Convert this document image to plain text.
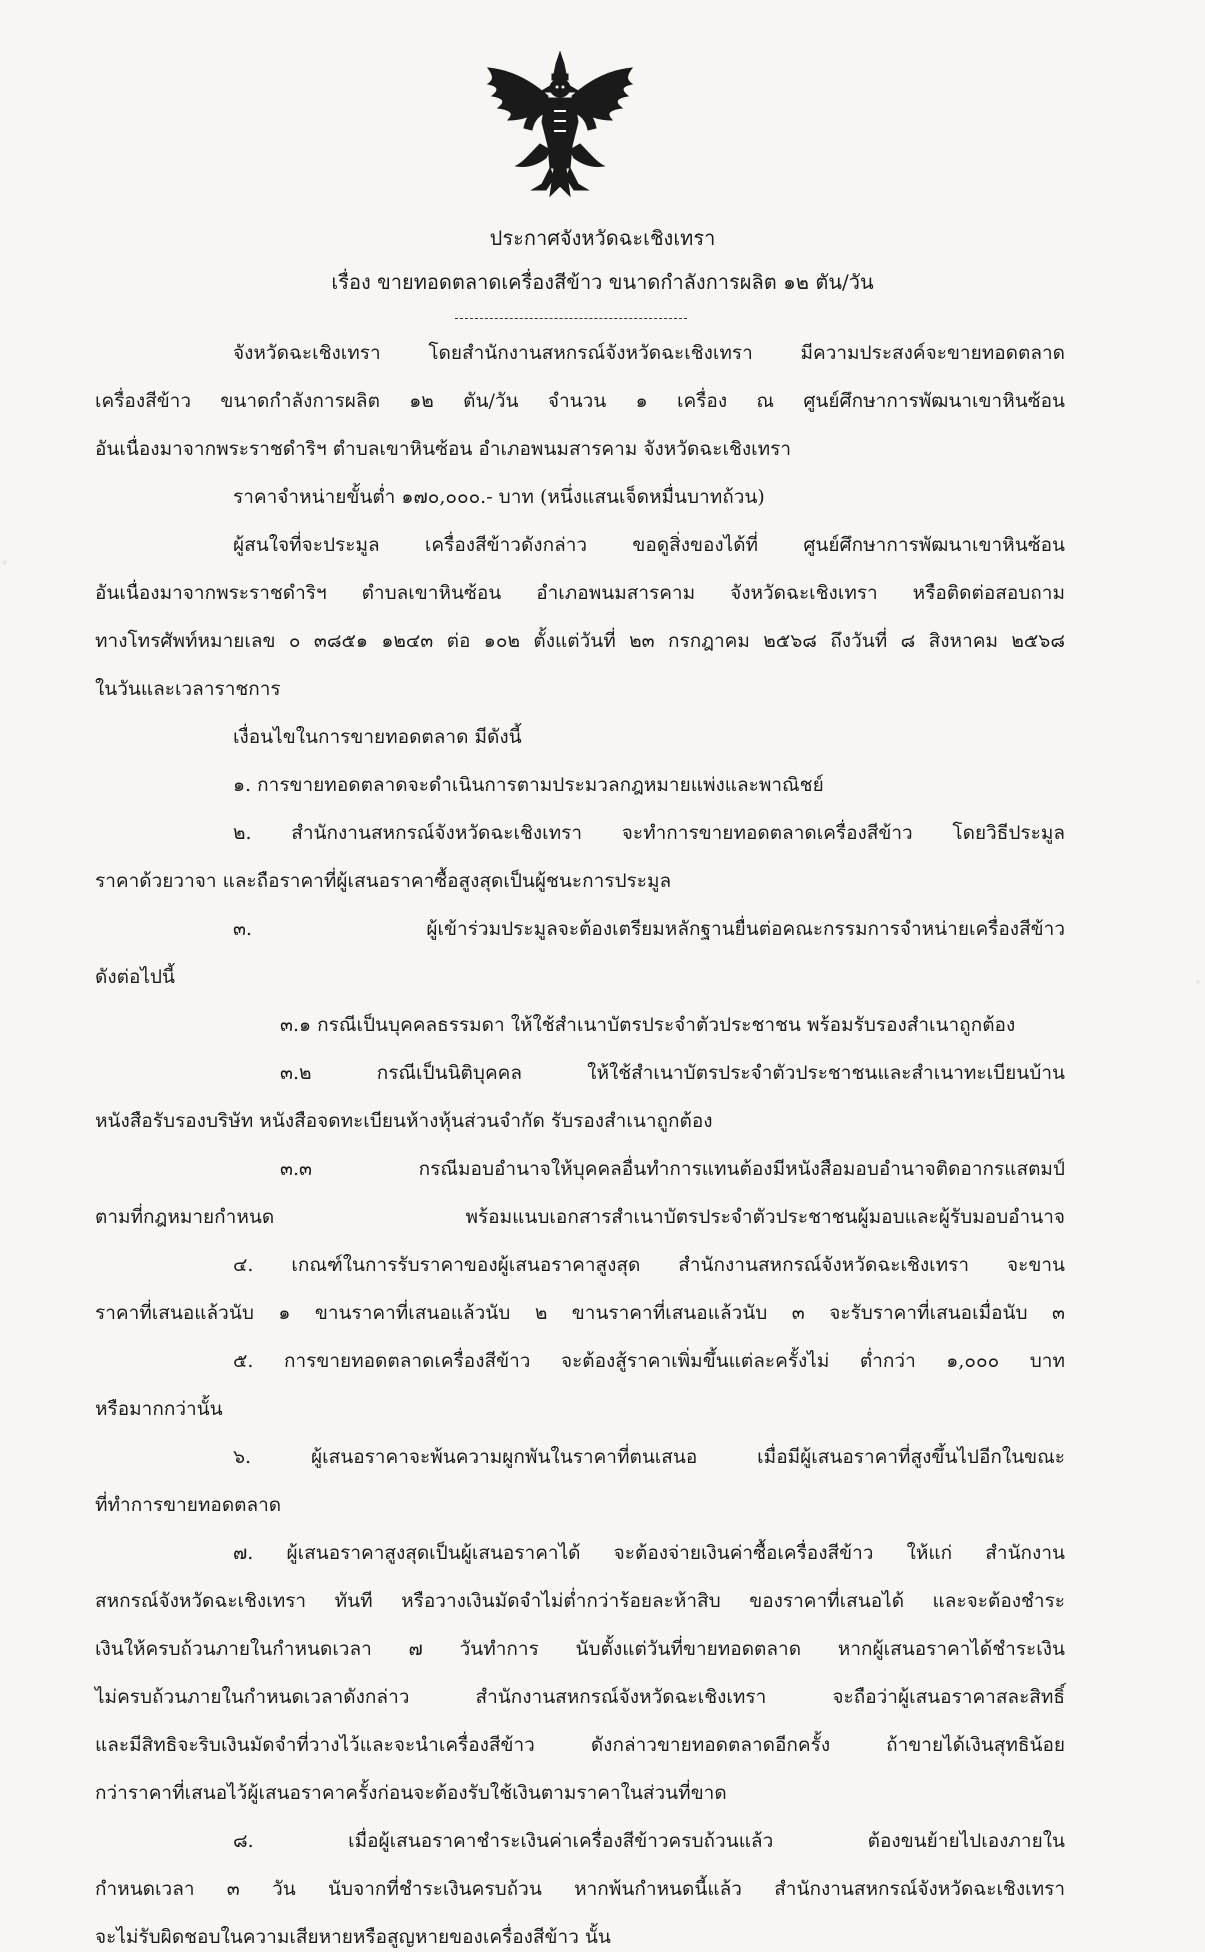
ประกาศจังหวัดฉะเชิงเทรา
เรื่อง ขายทอดตลาดเครื่องสีข้าว ขนาดกำลังการผลิต ๑๒ ตัน/วัน
จังหวัดฉะเชิงเทรา โดยสำนักงานสหกรณ์จังหวัดฉะเชิงเทรา มีความประสงค์จะขายทอดตลาด
เครื่องสีข้าว ขนาดกำลังการผลิต ๑๒ ตัน/วัน จำนวน ๑ เครื่อง ณ ศูนย์ศึกษาการพัฒนาเขาหินซ้อน
อันเนื่องมาจากพระราชดำริฯ ตำบลเขาหินซ้อน อำเภอพนมสารคาม จังหวัดฉะเชิงเทรา
ราคาจำหน่ายขั้นต่ำ ๑๗๐,๐๐๐.- บาท (หนึ่งแสนเจ็ดหมื่นบาทถ้วน)
ผู้สนใจที่จะประมูล เครื่องสีข้าวดังกล่าว ขอดูสิ่งของได้ที่ ศูนย์ศึกษาการพัฒนาเขาหินซ้อน
อันเนื่องมาจากพระราชดำริฯ ตำบลเขาหินซ้อน อำเภอพนมสารคาม จังหวัดฉะเชิงเทรา หรือติดต่อสอบถาม
ทางโทรศัพท์หมายเลข ๐ ๓๘๕๑ ๑๒๔๓ ต่อ ๑๐๒ ตั้งแต่วันที่ ๒๓ กรกฎาคม ๒๕๖๘ ถึงวันที่ ๘ สิงหาคม ๒๕๖๘
ในวันและเวลาราชการ
เงื่อนไขในการขายทอดตลาด มีดังนี้
๑. การขายทอดตลาดจะดำเนินการตามประมวลกฎหมายแพ่งและพาณิชย์
๒. สำนักงานสหกรณ์จังหวัดฉะเชิงเทรา จะทำการขายทอดตลาดเครื่องสีข้าว โดยวิธีประมูล
ราคาด้วยวาจา และถือราคาที่ผู้เสนอราคาซื้อสูงสุดเป็นผู้ชนะการประมูล
๓. ผู้เข้าร่วมประมูลจะต้องเตรียมหลักฐานยื่นต่อคณะกรรมการจำหน่ายเครื่องสีข้าว
ดังต่อไปนี้
๓.๑ กรณีเป็นบุคคลธรรมดา ให้ใช้สำเนาบัตรประจำตัวประชาชน พร้อมรับรองสำเนาถูกต้อง
๓.๒ กรณีเป็นนิติบุคคล ให้ใช้สำเนาบัตรประจำตัวประชาชนและสำเนาทะเบียนบ้าน
หนังสือรับรองบริษัท หนังสือจดทะเบียนห้างหุ้นส่วนจำกัด รับรองสำเนาถูกต้อง
๓.๓ กรณีมอบอำนาจให้บุคคลอื่นทำการแทนต้องมีหนังสือมอบอำนาจติดอากรแสตมป์
ตามที่กฎหมายกำหนด พร้อมแนบเอกสารสำเนาบัตรประจำตัวประชาชนผู้มอบและผู้รับมอบอำนาจ
๔. เกณฑ์ในการรับราคาของผู้เสนอราคาสูงสุด สำนักงานสหกรณ์จังหวัดฉะเชิงเทรา จะขาน
ราคาที่เสนอแล้วนับ ๑ ขานราคาที่เสนอแล้วนับ ๒ ขานราคาที่เสนอแล้วนับ ๓ จะรับราคาที่เสนอเมื่อนับ ๓
๕. การขายทอดตลาดเครื่องสีข้าว จะต้องสู้ราคาเพิ่มขึ้นแต่ละครั้งไม่ ต่ำกว่า ๑,๐๐๐ บาท
หรือมากกว่านั้น
๖. ผู้เสนอราคาจะพ้นความผูกพันในราคาที่ตนเสนอ เมื่อมีผู้เสนอราคาที่สูงขึ้นไปอีกในขณะ
ที่ทำการขายทอดตลาด
๗. ผู้เสนอราคาสูงสุดเป็นผู้เสนอราคาได้ จะต้องจ่ายเงินค่าซื้อเครื่องสีข้าว ให้แก่ สำนักงาน
สหกรณ์จังหวัดฉะเชิงเทรา ทันที หรือวางเงินมัดจำไม่ต่ำกว่าร้อยละห้าสิบ ของราคาที่เสนอได้ และจะต้องชำระ
เงินให้ครบถ้วนภายในกำหนดเวลา ๗ วันทำการ นับตั้งแต่วันที่ขายทอดตลาด หากผู้เสนอราคาได้ชำระเงิน
ไม่ครบถ้วนภายในกำหนดเวลาดังกล่าว สำนักงานสหกรณ์จังหวัดฉะเชิงเทรา จะถือว่าผู้เสนอราคาสละสิทธิ์
และมีสิทธิจะริบเงินมัดจำที่วางไว้และจะนำเครื่องสีข้าว ดังกล่าวขายทอดตลาดอีกครั้ง ถ้าขายได้เงินสุทธิน้อย
กว่าราคาที่เสนอไว้ผู้เสนอราคาครั้งก่อนจะต้องรับใช้เงินตามราคาในส่วนที่ขาด
๘. เมื่อผู้เสนอราคาชำระเงินค่าเครื่องสีข้าวครบถ้วนแล้ว ต้องขนย้ายไปเองภายใน
กำหนดเวลา ๓ วัน นับจากที่ชำระเงินครบถ้วน หากพ้นกำหนดนี้แล้ว สำนักงานสหกรณ์จังหวัดฉะเชิงเทรา
จะไม่รับผิดชอบในความเสียหายหรือสูญหายของเครื่องสีข้าว นั้น
